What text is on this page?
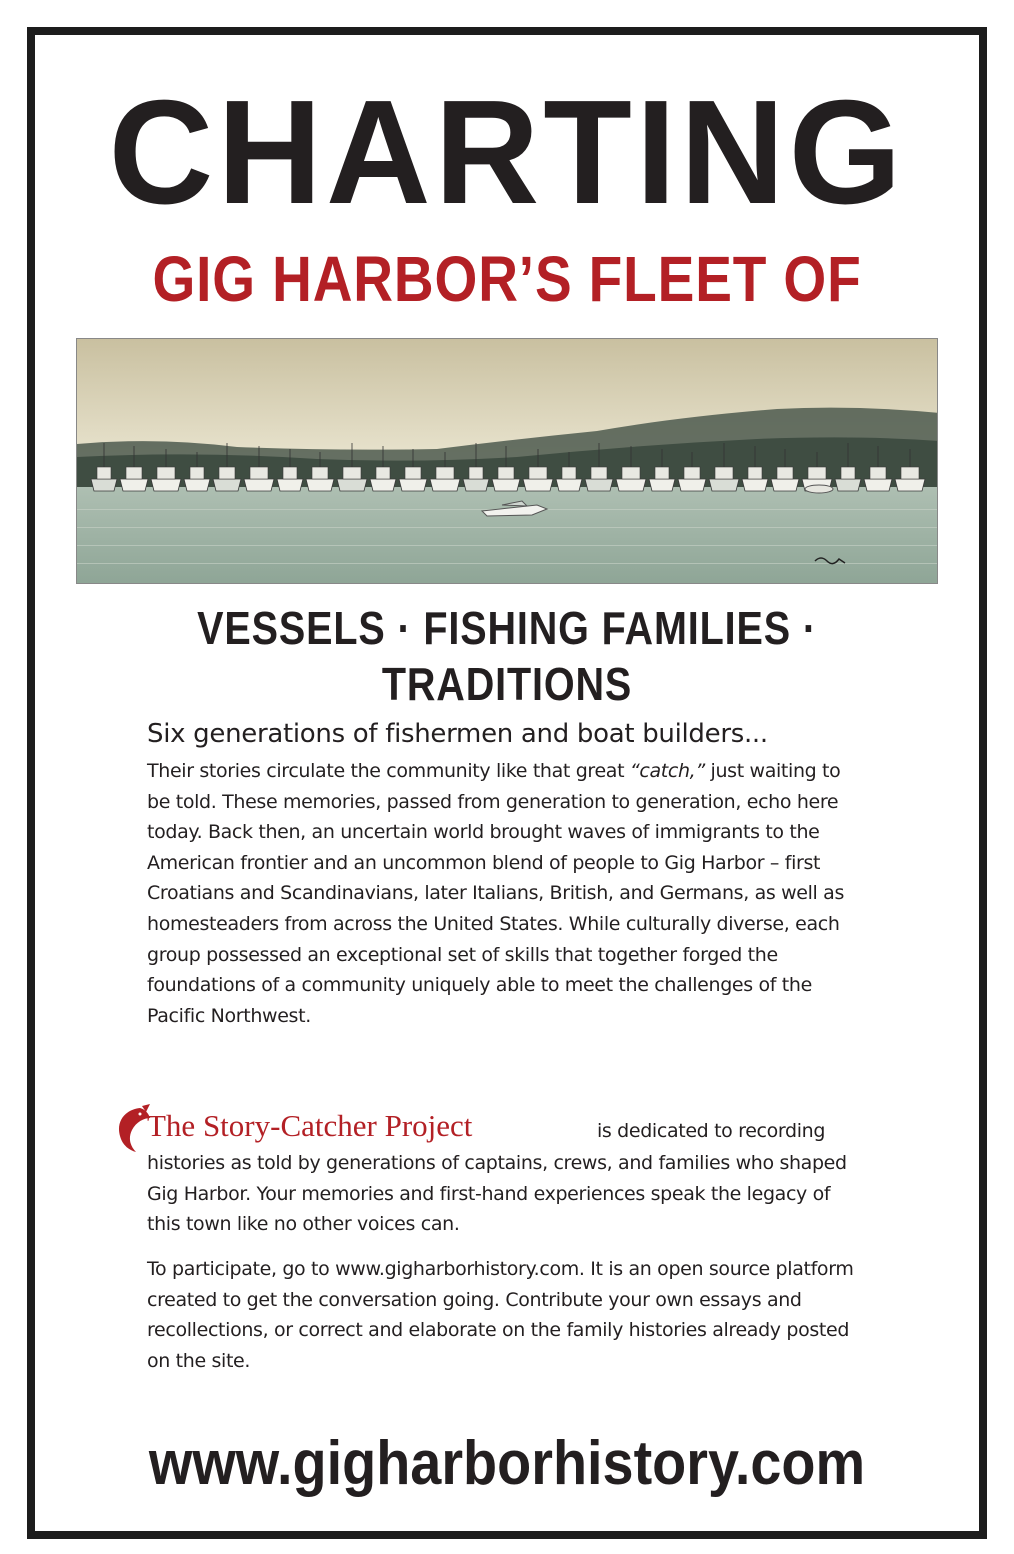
CHARTING
GIG HARBOR’S FLEET OF
VESSELS · FISHING FAMILIES · TRADITIONS
Six generations of fishermen and boat builders...
Their stories circulate the community like that great “catch,” just waiting to be told. These memories, passed from generation to generation, echo here today. Back then, an uncertain world brought waves of immigrants to the American frontier and an uncommon blend of people to Gig Harbor – first Croatians and Scandinavians, later Italians, British, and Germans, as well as homesteaders from across the United States. While culturally diverse, each group possessed an exceptional set of skills that together forged the foundations of a community uniquely able to meet the challenges of the Pacific Northwest.
The Story-Catcher Project	is dedicated to recording
histories as told by generations of captains, crews, and families who shaped Gig Harbor. Your memories and first-hand experiences speak the legacy of this town like no other voices can.
To participate, go to www.gigharborhistory.com. It is an open source platform created to get the conversation going. Contribute your own essays and recollections, or correct and elaborate on the family histories already posted on the site.
www.gigharborhistory.com
